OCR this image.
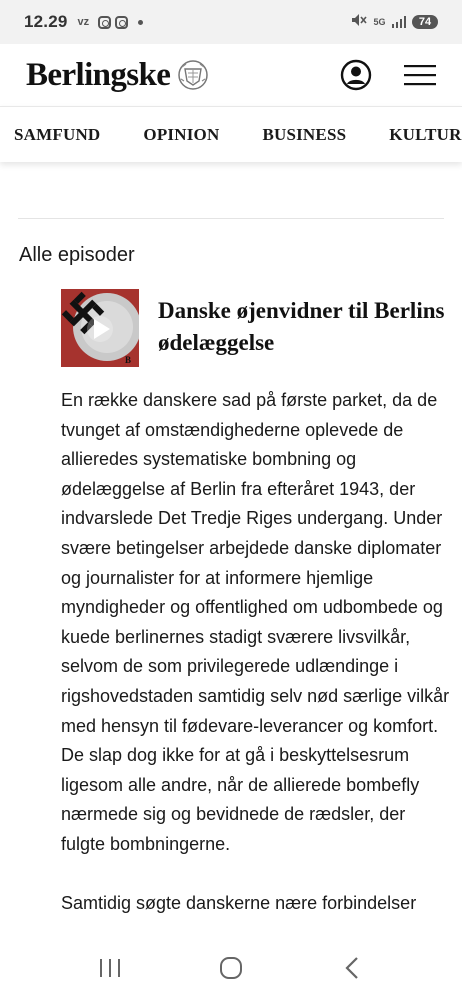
12.29 vz	5G	74
Berlingske
SAMFUND	OPINION	BUSINESS	KULTUR
Alle episoder
B
Danske øjenvidner til Berlins ødelæggelse

En række danskere sad på første parket, da de tvunget af omstændighederne oplevede de allieredes systematiske bombning og ødelæggelse af Berlin fra efteråret 1943, der indvarslede Det Tredje Riges undergang. Under svære betingelser arbejdede danske diplomater og journalister for at informere hjemlige myndigheder og offentlighed om udbombede og kuede berlinernes stadigt sværere livsvilkår, selvom de som privilegerede udlændinge i rigshovedstaden samtidig selv nød særlige vilkår med hensyn til fødevare-leverancer og komfort. De slap dog ikke for at gå i beskyttelsesrum ligesom alle andre, når de allierede bombefly nærmede sig og bevidnede de rædsler, der fulgte bombningerne.

Samtidig søgte danskerne nære forbindelser
